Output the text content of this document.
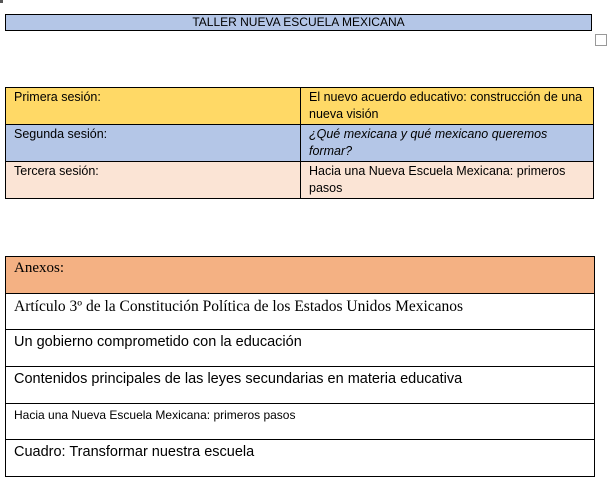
TALLER NUEVA ESCUELA MEXICANA
Primera sesión:	El nuevo acuerdo educativo: construcción de una nueva visión
Segunda sesión:	¿Qué mexicana y qué mexicano queremos formar?
Tercera sesión:	Hacia una Nueva Escuela Mexicana: primeros pasos
Anexos:
Artículo 3º de la Constitución Política de los Estados Unidos Mexicanos
Un gobierno comprometido con la educación
Contenidos principales de las leyes secundarias en materia educativa
Hacia una Nueva Escuela Mexicana: primeros pasos
Cuadro: Transformar nuestra escuela
